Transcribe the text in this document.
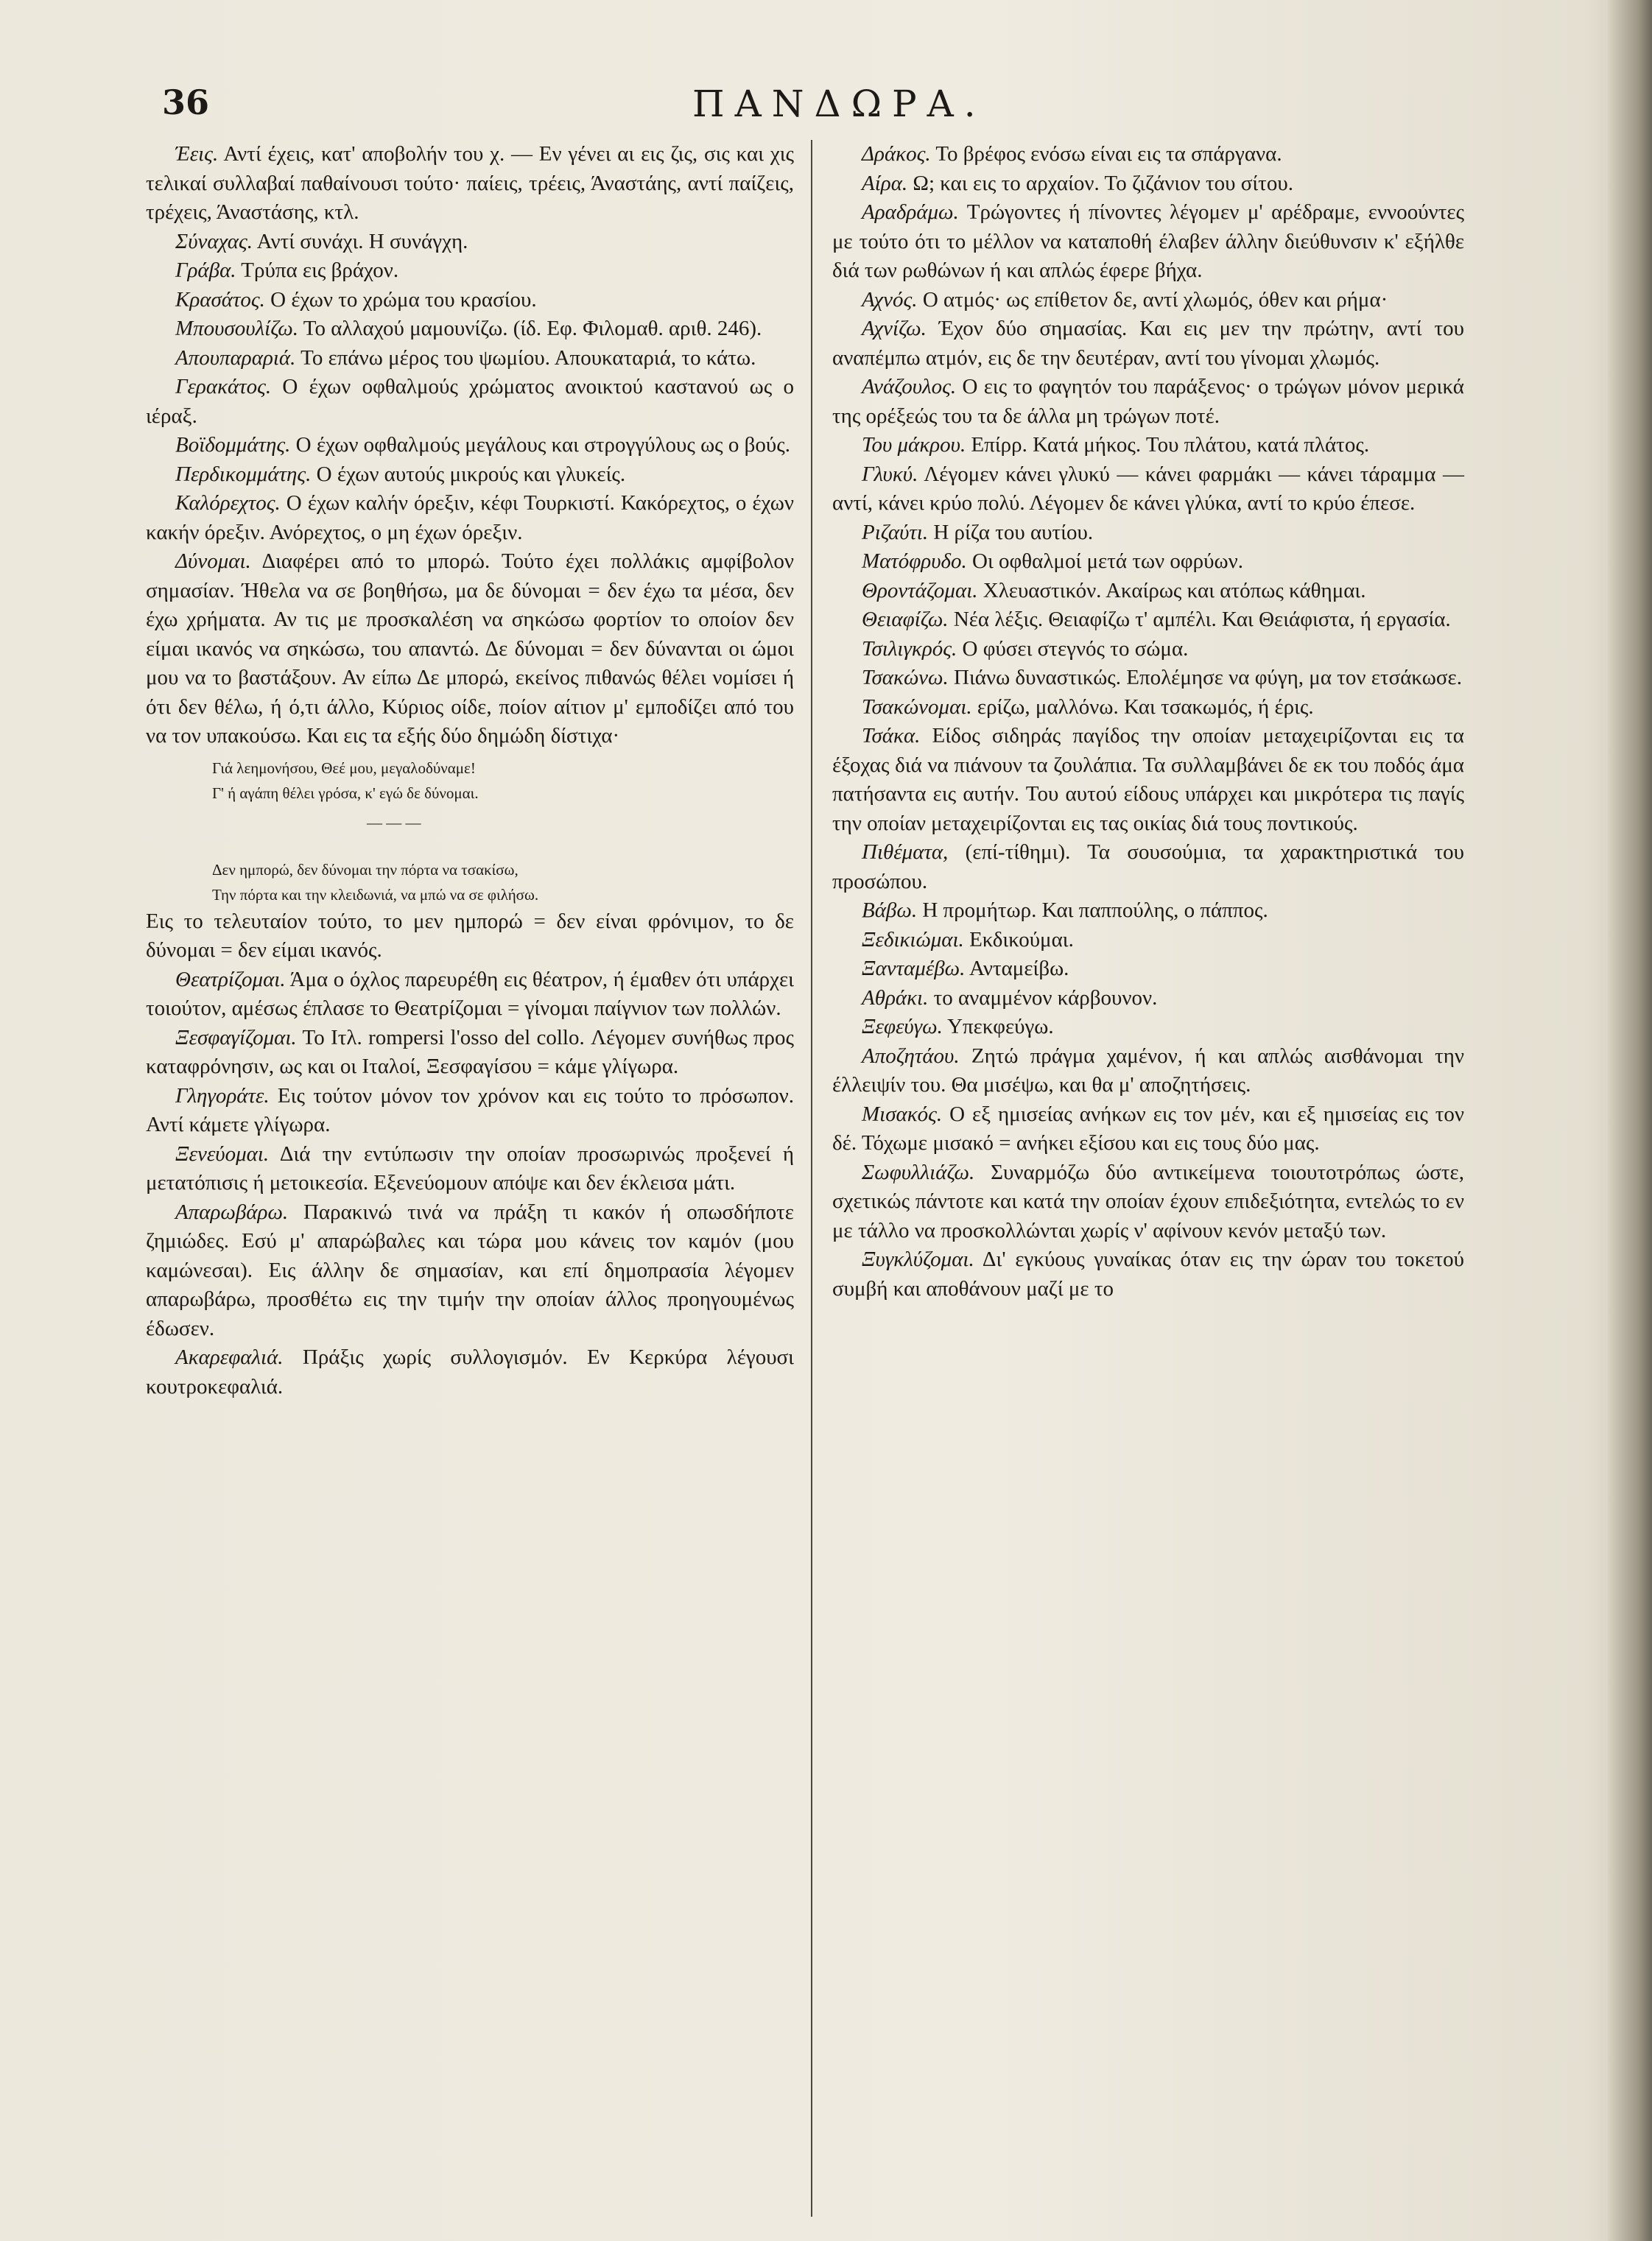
36	ΠΑΝΔΩΡΑ.

Έεις. Αντί έχεις, κατ' αποβολήν του χ. — Εν γένει αι εις ζις, σις και χις τελικαί συλλαβαί παθαίνουσι τούτο· παίεις, τρέεις, Άναστάης, αντί παίζεις, τρέχεις, Άναστάσης, κτλ.

Σύναχας. Αντί συνάχι. Η συνάγχη.

Γράβα. Τρύπα εις βράχον.

Κρασάτος. Ο έχων το χρώμα του κρασίου.

Μπουσουλίζω. Το αλλαχού μαμουνίζω. (ίδ. Εφ. Φιλομαθ. αριθ. 246).

Απουπαραριά. Το επάνω μέρος του ψωμίου. Απουκαταριά, το κάτω.

Γερακάτος. Ο έχων οφθαλμούς χρώματος ανοικτού καστανού ως ο ιέραξ.

Βοϊδομμάτης. Ο έχων οφθαλμούς μεγάλους και στρογγύλους ως ο βούς.

Περδικομμάτης. Ο έχων αυτούς μικρούς και γλυκείς.

Καλόρεχτος. Ο έχων καλήν όρεξιν, κέφι Τουρκιστί. Κακόρεχτος, ο έχων κακήν όρεξιν. Ανόρεχτος, ο μη έχων όρεξιν.

Δύνομαι. Διαφέρει από το μπορώ. Τούτο έχει πολλάκις αμφίβολον σημασίαν. Ήθελα να σε βοηθήσω, μα δε δύνομαι = δεν έχω τα μέσα, δεν έχω χρήματα. Αν τις με προσκαλέση να σηκώσω φορτίον το οποίον δεν είμαι ικανός να σηκώσω, του απαντώ. Δε δύνομαι = δεν δύνανται οι ώμοι μου να το βαστάξουν. Αν είπω Δε μπορώ, εκείνος πιθανώς θέλει νομίσει ή ότι δεν θέλω, ή ό,τι άλλο, Κύριος οίδε, ποίον αίτιον μ' εμποδίζει από του να τον υπακούσω. Και εις τα εξής δύο δημώδη δίστιχα·

Γιά λεημονήσου, Θεέ μου, μεγαλοδύναμε!
Γ' ή αγάπη θέλει γρόσα, κ' εγώ δε δύνομαι.
— — —
Δεν ημπορώ, δεν δύνομαι την πόρτα να τσακίσω,
Την πόρτα και την κλειδωνιά, να μπώ να σε φιλήσω.

Εις το τελευταίον τούτο, το μεν ημπορώ = δεν είναι φρόνιμον, το δε δύνομαι = δεν είμαι ικανός.

Θεατρίζομαι. Άμα ο όχλος παρευρέθη εις θέατρον, ή έμαθεν ότι υπάρχει τοιούτον, αμέσως έπλασε το Θεατρίζομαι = γίνομαι παίγνιον των πολλών.

Ξεσφαγίζομαι. Το Ιτλ. rompersi l'osso del collo. Λέγομεν συνήθως προς καταφρόνησιν, ως και οι Ιταλοί, Ξεσφαγίσου = κάμε γλίγωρα.

Γληγοράτε. Εις τούτον μόνον τον χρόνον και εις τούτο το πρόσωπον. Αντί κάμετε γλίγωρα.

Ξενεύομαι. Διά την εντύπωσιν την οποίαν προσωρινώς προξενεί ή μετατόπισις ή μετοικεσία. Εξενεύομουν απόψε και δεν έκλεισα μάτι.

Απαρωβάρω. Παρακινώ τινά να πράξη τι κακόν ή οπωσδήποτε ζημιώδες. Εσύ μ' απαρώβαλες και τώρα μου κάνεις τον καμόν (μου καμώνεσαι). Εις άλλην δε σημασίαν, και επί δημοπρασία λέγομεν απαρωβάρω, προσθέτω εις την τιμήν την οποίαν άλλος προηγουμένως έδωσεν.

Ακαρεφαλιά. Πράξις χωρίς συλλογισμόν. Εν Κερκύρα λέγουσι κουτροκεφαλιά.

Δράκος. Το βρέφος ενόσω είναι εις τα σπάργανα.

Αίρα. Ω; και εις το αρχαίον. Το ζιζάνιον του σίτου.

Αραδράμω. Τρώγοντες ή πίνοντες λέγομεν μ' αρέδραμε, εννοούντες με τούτο ότι το μέλλον να καταποθή έλαβεν άλλην διεύθυνσιν κ' εξήλθε διά των ρωθώνων ή και απλώς έφερε βήχα.

Αχνός. Ο ατμός· ως επίθετον δε, αντί χλωμός, όθεν και ρήμα·

Αχνίζω. Έχον δύο σημασίας. Και εις μεν την πρώτην, αντί του αναπέμπω ατμόν, εις δε την δευτέραν, αντί του γίνομαι χλωμός.

Ανάζουλος. Ο εις το φαγητόν του παράξενος· ο τρώγων μόνον μερικά της ορέξεώς του τα δε άλλα μη τρώγων ποτέ.

Του μάκρου. Επίρρ. Κατά μήκος. Του πλάτου, κατά πλάτος.

Γλυκύ. Λέγομεν κάνει γλυκύ — κάνει φαρμάκι — κάνει τάραμμα — αντί, κάνει κρύο πολύ. Λέγομεν δε κάνει γλύκα, αντί το κρύο έπεσε.

Ριζαύτι. Η ρίζα του αυτίου.

Ματόφρυδο. Οι οφθαλμοί μετά των οφρύων.

Θροντάζομαι. Χλευαστικόν. Ακαίρως και ατόπως κάθημαι.

Θειαφίζω. Νέα λέξις. Θειαφίζω τ' αμπέλι. Και Θειάφιστα, ή εργασία.

Τσιλιγκρός. Ο φύσει στεγνός το σώμα.

Τσακώνω. Πιάνω δυναστικώς. Επολέμησε να φύγη, μα τον ετσάκωσε.

Τσακώνομαι. ερίζω, μαλλόνω. Και τσακωμός, ή έρις.

Τσάκα. Είδος σιδηράς παγίδος την οποίαν μεταχειρίζονται εις τα έξοχας διά να πιάνουν τα ζουλάπια. Τα συλλαμβάνει δε εκ του ποδός άμα πατήσαντα εις αυτήν. Του αυτού είδους υπάρχει και μικρότερα τις παγίς την οποίαν μεταχειρίζονται εις τας οικίας διά τους ποντικούς.

Πιθέματα, (επί-τίθημι). Τα σουσούμια, τα χαρακτηριστικά του προσώπου.

Βάβω. Η προμήτωρ. Και παππούλης, ο πάππος.

Ξεδικιώμαι. Εκδικούμαι.

Ξανταμέβω. Ανταμείβω.

Αθράκι. το αναμμένον κάρβουνον.

Ξεφεύγω. Υπεκφεύγω.

Αποζητάου. Ζητώ πράγμα χαμένον, ή και απλώς αισθάνομαι την έλλειψίν του. Θα μισέψω, και θα μ' αποζητήσεις.

Μισακός. Ο εξ ημισείας ανήκων εις τον μέν, και εξ ημισείας εις τον δέ. Τόχωμε μισακό = ανήκει εξίσου και εις τους δύο μας.

Σωφυλλιάζω. Συναρμόζω δύο αντικείμενα τοιουτοτρόπως ώστε, σχετικώς πάντοτε και κατά την οποίαν έχουν επιδεξιότητα, εντελώς το εν με τάλλο να προσκολλώνται χωρίς ν' αφίνουν κενόν μεταξύ των.

Ξυγκλύζομαι. Δι' εγκύους γυναίκας όταν εις την ώραν του τοκετού συμβή και αποθάνουν μαζί με το
